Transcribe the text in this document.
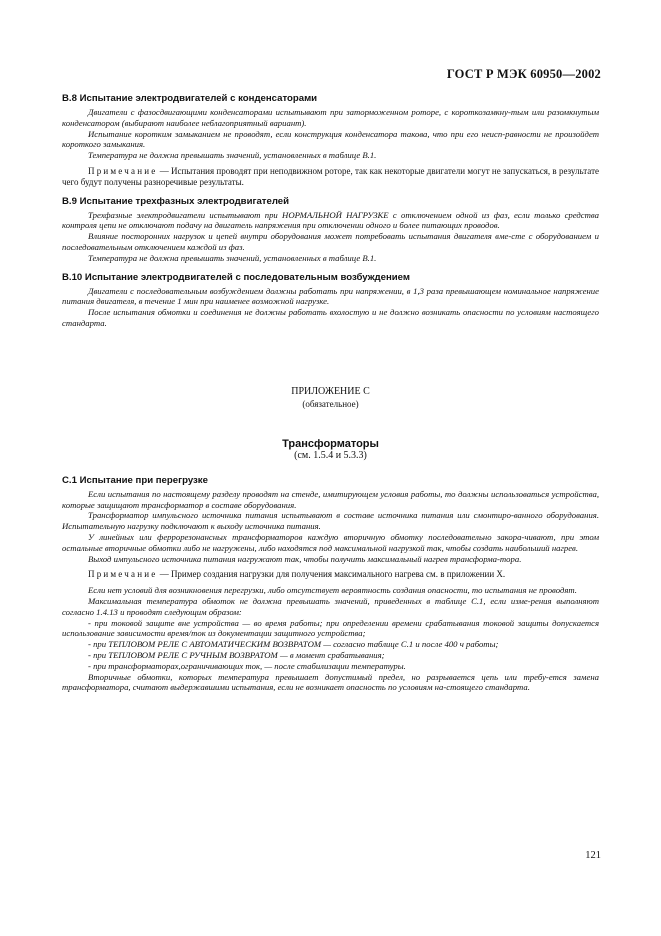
ГОСТ Р МЭК 60950—2002
В.8 Испытание электродвигателей с конденсаторами

Двигатели с фазосдвигающими конденсаторами испытывают при заторможенном роторе, с короткозамкну-тым или разомкнутым конденсатором (выбирают наиболее неблагоприятный вариант).

Испытание коротким замыканием не проводят, если конструкция конденсатора такова, что при его неисп-равности не произойдет короткого замыкания.

Температура не должна превышать значений, установленных в таблице В.1.

Примечание — Испытания проводят при неподвижном роторе, так как некоторые двигатели могут не запускаться, в результате чего будут получены разноречивые результаты.

В.9 Испытание трехфазных электродвигателей

Трехфазные электродвигатели испытывают при НОРМАЛЬНОЙ НАГРУЗКЕ с отключением одной из фаз, если только средства контроля цепи не отключают подачу на двигатель напряжения при отключении одного и более питающих проводов.

Влияние посторонних нагрузок и цепей внутри оборудования может потребовать испытания двигателя вме-сте с оборудованием и последовательным отключением каждой из фаз.

Температура не должна превышать значений, установленных в таблице В.1.

В.10 Испытание электродвигателей с последовательным возбуждением

Двигатели с последовательным возбуждением должны работать при напряжении, в 1,3 раза превышающем номинальное напряжение питания двигателя, в течение 1 мин при наименее возможной нагрузке.

После испытания обмотки и соединения не должны работать вхолостую и не должно возникать опасности по условиям настоящего стандарта.

ПРИЛОЖЕНИЕ С
(обязательное)
Трансформаторы
(см. 1.5.4 и 5.3.3)
С.1 Испытание при перегрузке

Если испытания по настоящему разделу проводят на стенде, имитирующем условия работы, то должны использоваться устройства, которые защищают трансформатор в составе оборудования.

Трансформатор импульсного источника питания испытывают в составе источника питания или смонтиро-ванного оборудования. Испытательную нагрузку подключают к выходу источника питания.

У линейных или феррорезонансных трансформаторов каждую вторичную обмотку последовательно закора-чивают, при этом остальные вторичные обмотки либо не нагружены, либо находятся под максимальной нагрузкой так, чтобы создать наибольший нагрев.

Выход импульсного источника питания нагружают так, чтобы получить максимальный нагрев трансформа-тора.

Примечание — Пример создания нагрузки для получения максимального нагрева см. в приложении Х.

Если нет условий для возникновения перегрузки, либо отсутствует вероятность создания опасности, то испытания не проводят.

Максимальная температура обмоток не должна превышать значений, приведенных в таблице С.1, если изме-рения выполняют согласно 1.4.13 и проводят следующим образом:

- при токовой защите вне устройства — во время работы; при определении времени срабатывания токовой защиты допускается использование зависимости время/ток из документации защитного устройства;

- при ТЕПЛОВОМ РЕЛЕ С АВТОМАТИЧЕСКИМ ВОЗВРАТОМ — согласно таблице С.1 и после 400 ч работы;

- при ТЕПЛОВОМ РЕЛЕ С РУЧНЫМ ВОЗВРАТОМ — в момент срабатывания;

- при трансформаторах,ограничивающих ток, — после стабилизации температуры.

Вторичные обмотки, которых температура превышает допустимый предел, но разрывается цепь или требу-ется замена трансформатора, считают выдержавшими испытания, если не возникает опасность по условиям на-стоящего стандарта.

121
